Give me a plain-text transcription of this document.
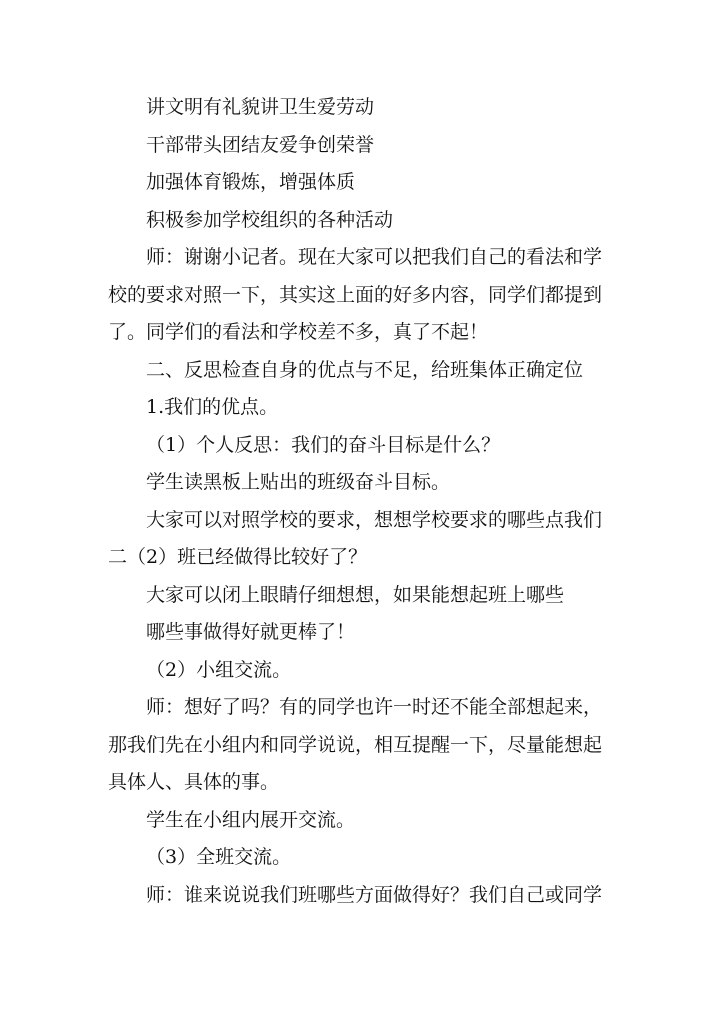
讲文明有礼貌讲卫生爱劳动
干部带头团结友爱争创荣誉
加强体育锻炼，增强体质
积极参加学校组织的各种活动
师：谢谢小记者。现在大家可以把我们自己的看法和学
校的要求对照一下，其实这上面的好多内容，同学们都提到
了。同学们的看法和学校差不多，真了不起！
二、反思检查自身的优点与不足，给班集体正确定位
1.我们的优点。
（1）个人反思：我们的奋斗目标是什么？
学生读黑板上贴出的班级奋斗目标。
大家可以对照学校的要求，想想学校要求的哪些点我们
二（2）班已经做得比较好了？
大家可以闭上眼睛仔细想想，如果能想起班上哪些
哪些事做得好就更棒了！
（2）小组交流。
师：想好了吗？有的同学也许一时还不能全部想起来，
那我们先在小组内和同学说说，相互提醒一下，尽量能想起
具体人、具体的事。
学生在小组内展开交流。
（3）全班交流。
师：谁来说说我们班哪些方面做得好？我们自己或同学
